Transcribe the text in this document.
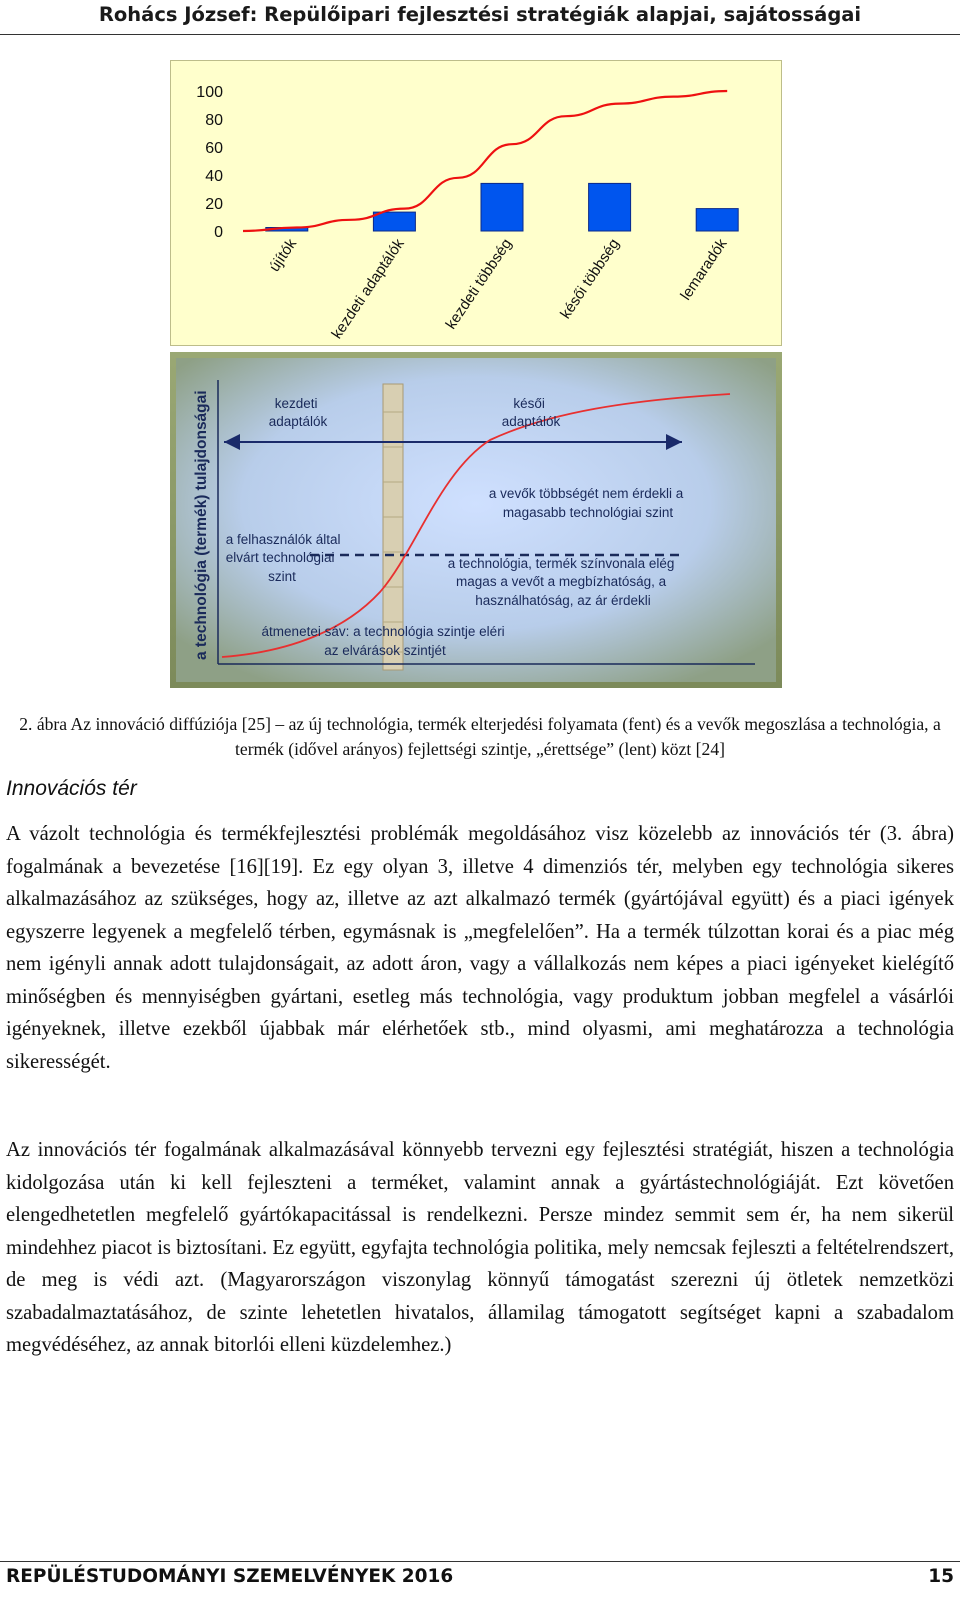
Rohács József: Repülőipari fejlesztési stratégiák alapjai, sajátosságai
100
80
60
40
20
0
újítók kezdeti adaptálók kezdeti többség	késői többség	lemaradók
a technológia (termék) tulajdonságai	kezdeti adaptálók
késői adaptálók
a felhasználók által elvárt technológiai szint
a vevők többségét nem érdekli a magasabb technológiai szint
a technológia, termék színvonala elég magas a vevőt a megbízhatóság, a használhatóság, az ár érdekli
átmenetei sáv: a technológia szintje eléri az elvárások szintjét
2. ábra Az innováció diffúziója [25] – az új technológia, termék elterjedési folyamata (fent) és a vevők megoszlása a technológia, a termék (idővel arányos) fejlettségi szintje, „érettsége” (lent) közt [24]
Innovációs tér

A vázolt technológia és termékfejlesztési problémák megoldásához visz közelebb az innovációs tér (3. ábra) fogalmának a bevezetése [16][19]. Ez egy olyan 3, illetve 4 dimenziós tér, melyben egy technológia sikeres alkalmazásához az szükséges, hogy az, illetve az azt alkalmazó termék (gyártójával együtt) és a piaci igények egyszerre legyenek a megfelelő térben, egymásnak is „megfelelően”. Ha a termék túlzottan korai és a piac még nem igényli annak adott tulajdonságait, az adott áron, vagy a vállalkozás nem képes a piaci igényeket kielégítő minőségben és mennyiségben gyártani, esetleg más technológia, vagy produktum jobban megfelel a vásárlói igényeknek, illetve ezekből újabbak már elérhetőek stb., mind olyasmi, ami meghatározza a technológia sikerességét.

Az innovációs tér fogalmának alkalmazásával könnyebb tervezni egy fejlesztési stratégiát, hiszen a technológia kidolgozása után ki kell fejleszteni a terméket, valamint annak a gyártástechnológiáját. Ezt követően elengedhetetlen megfelelő gyártókapacitással is rendelkezni. Persze mindez semmit sem ér, ha nem sikerül mindehhez piacot is biztosítani. Ez együtt, egyfajta technológia politika, mely nemcsak fejleszti a feltételrendszert, de meg is védi azt. (Magyarországon viszonylag könnyű támogatást szerezni új ötletek nemzetközi szabadalmaztatásához, de szinte lehetetlen hivatalos, államilag támogatott segítséget kapni a szabadalom megvédéséhez, az annak bitorlói elleni küzdelemhez.)

REPÜLÉSTUDOMÁNYI SZEMELVÉNYEK 2016	15
